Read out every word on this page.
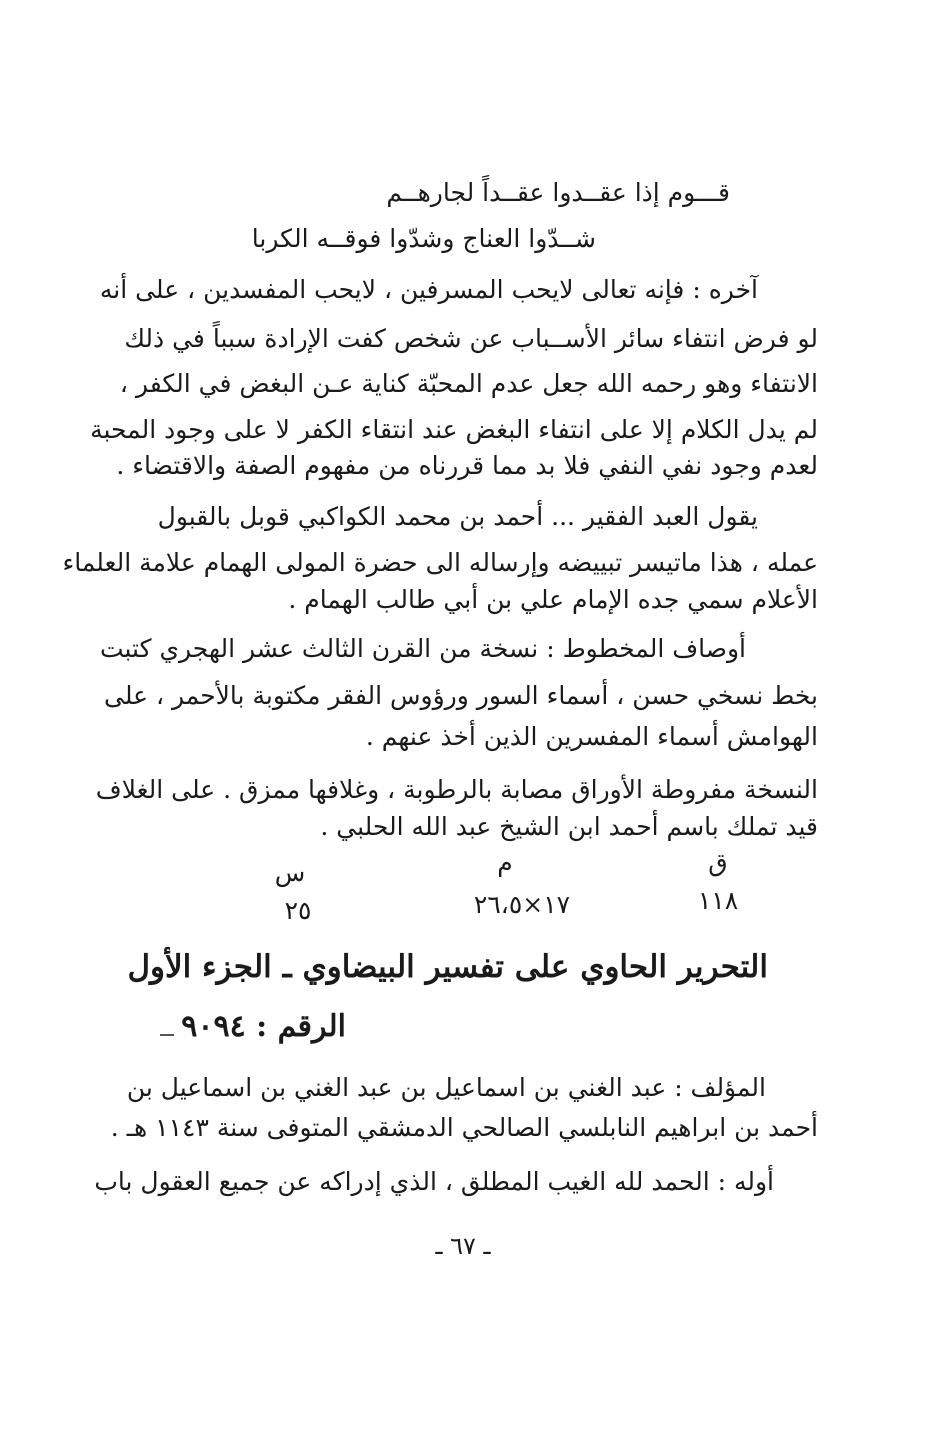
قـــوم إذا عقــدوا عقــداً لجارهــم
شــدّوا العناج وشدّوا فوقــه الكربا
آخره : فإنه تعالى لايحب المسرفين ، لايحب المفسدين ، على أنه
لو فرض انتفاء سائر الأســباب عن شخص كفت الإرادة سبباً في ذلك
الانتفاء وهو رحمه الله جعل عدم المحبّة كناية عـن البغض في الكفر ،
لم يدل الكلام إلا على انتفاء البغض عند انتقاء الكفر لا على وجود المحبة
لعدم وجود نفي النفي فلا بد مما قررناه من مفهوم الصفة والاقتضاء .
يقول العبد الفقير ... أحمد بن محمد الكواكبي قوبل بالقبول
عمله ، هذا ماتيسر تبييضه وإرساله الى حضرة المولى الهمام علامة العلماء
الأعلام سمي جده الإمام علي بن أبي طالب الهمام .
أوصاف المخطوط : نسخة من القرن الثالث عشر الهجري كتبت
بخط نسخي حسن ، أسماء السور ورؤوس الفقر مكتوبة بالأحمر ، على
الهوامش أسماء المفسرين الذين أخذ عنهم .
النسخة مفروطة الأوراق مصابة بالرطوبة ، وغلافها ممزق . على الغلاف
قيد تملك باسم أحمد ابن الشيخ عبد الله الحلبي .
ق
م
س
١١٨
١٧×٢٦،٥
٢٥
التحرير الحاوي على تفسير البيضاوي ـ الجزء الأول
الرقم : ٩٠٩٤
المؤلف : عبد الغني بن اسماعيل بن عبد الغني بن اسماعيل بن
أحمد بن ابراهيم النابلسي الصالحي الدمشقي المتوفى سنة ١١٤٣ هـ .
أوله : الحمد لله الغيب المطلق ، الذي إدراكه عن جميع العقول باب
ـ ٦٧ ـ
